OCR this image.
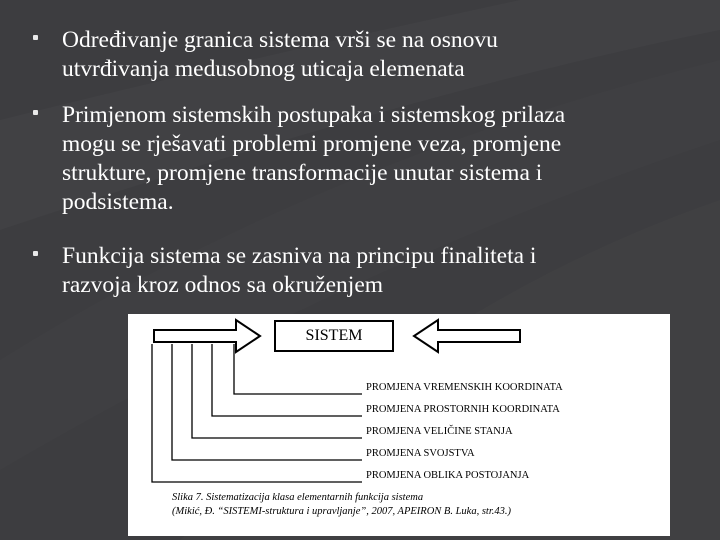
Određivanje granica sistema vrši se na osnovu
utvrđivanja medusobnog uticaja elemenata
Primjenom sistemskih postupaka i sistemskog prilaza
mogu se rješavati problemi promjene veza, promjene
strukture, promjene transformacije unutar sistema i
podsistema.
Funkcija sistema se zasniva na principu finaliteta i
razvoja kroz odnos sa okruženjem
SISTEM
PROMJENA VREMENSKIH KOORDINATA
PROMJENA PROSTORNIH KOORDINATA
PROMJENA VELIČINE STANJA
PROMJENA SVOJSTVA
PROMJENA OBLIKA POSTOJANJA
Slika 7. Sistematizacija klasa elementarnih funkcija sistema
(Mikić, Đ. “SISTEMI-struktura i upravljanje”, 2007, APEIRON B. Luka, str.43.)
